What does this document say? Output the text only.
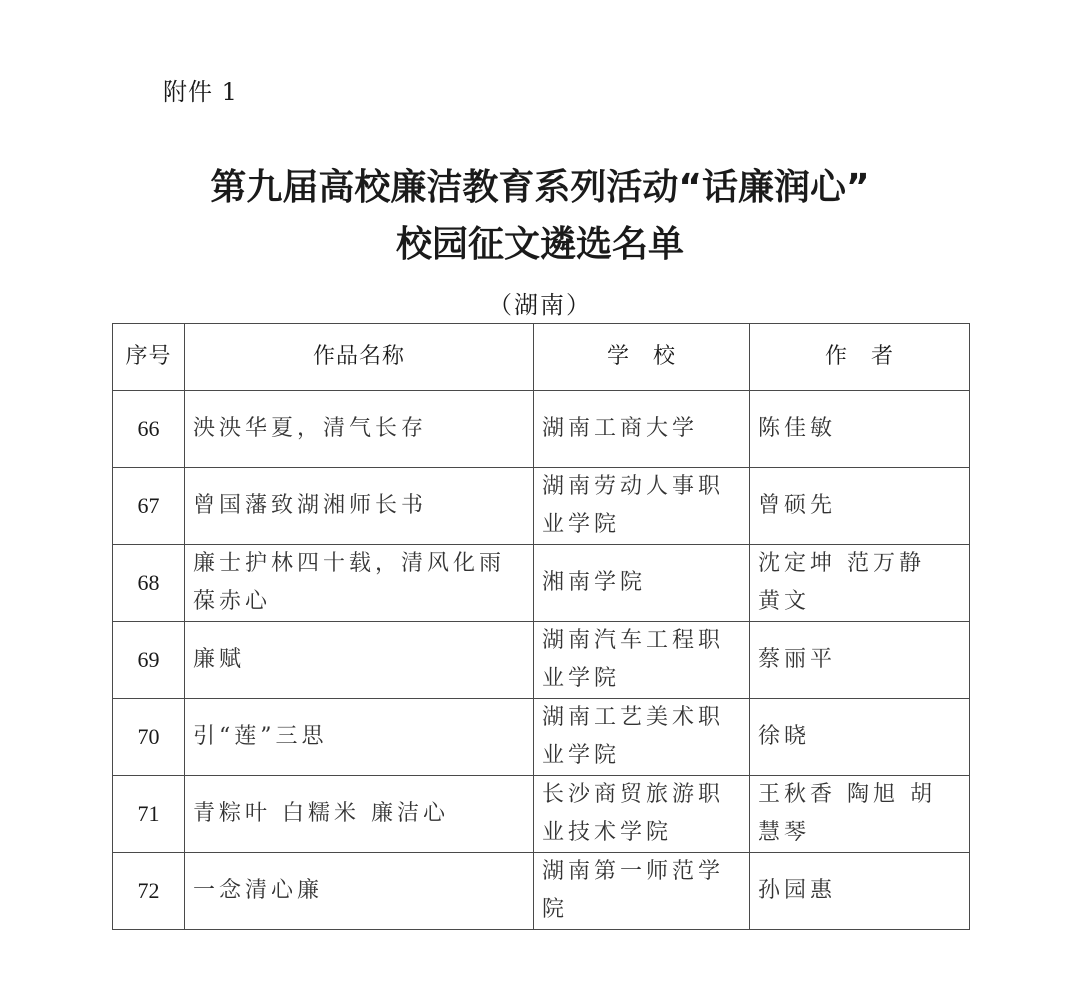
附件 1
第九届高校廉洁教育系列活动“话廉润心”
校园征文遴选名单
（湖南）
序号	作品名称	学　校	作　者
66	泱泱华夏，清气长存	湖南工商大学	陈佳敏
67	曾国藩致湖湘师长书	湖南劳动人事职业学院	曾硕先
68	廉士护林四十载，清风化雨葆赤心	湘南学院	沈定坤 范万静 黄文
69	廉赋	湖南汽车工程职业学院	蔡丽平
70	引“莲”三思	湖南工艺美术职业学院	徐晓
71	青粽叶 白糯米 廉洁心	长沙商贸旅游职业技术学院	王秋香 陶旭 胡慧琴
72	一念清心廉	湖南第一师范学院	孙园惠
